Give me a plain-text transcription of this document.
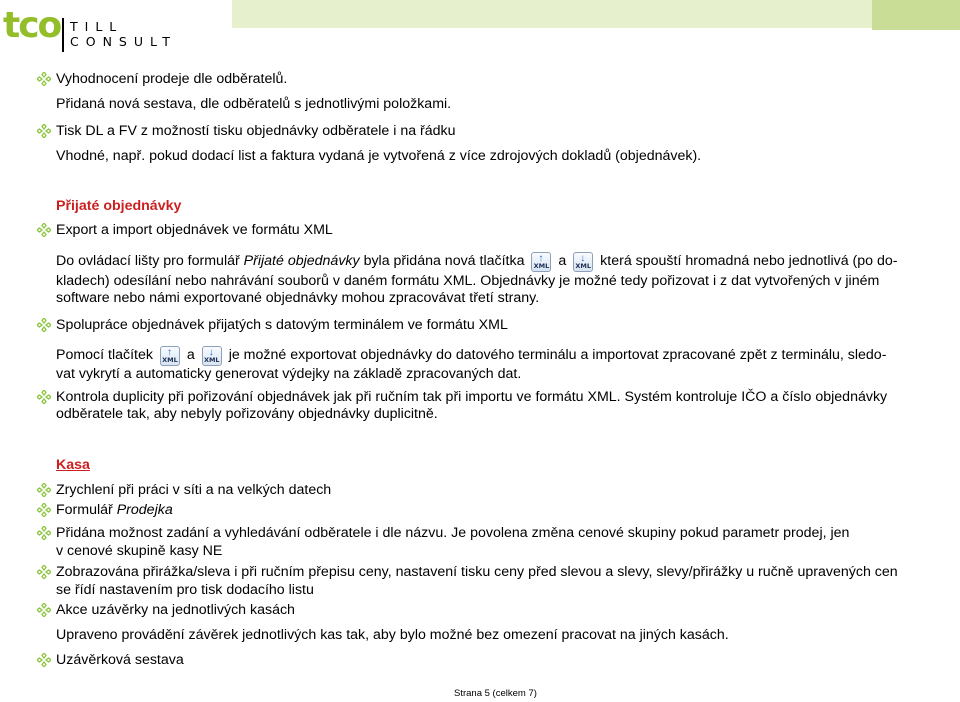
tco TILL
CONSULT
Vyhodnocení prodeje dle odběratelů.
Přidaná nová sestava, dle odběratelů s jednotlivými položkami.
Tisk DL a FV z možností tisku objednávky odběratele i na řádku
Vhodné, např. pokud dodací list a faktura vydaná je vytvořená z více zdrojových dokladů (objednávek).
Přijaté objednávky
Export a import objednávek ve formátu XML
Do ovládací lišty pro formulář Přijaté objednávky byla přidána nová tlačítka XML
↑ a XML
↓ která spouští hromadná nebo jednotlivá (po do-
kladech) odesílání nebo nahrávání souborů v daném formátu XML. Objednávky je možné tedy pořizovat i z dat vytvořených v jiném
software nebo námi exportované objednávky mohou zpracovávat třetí strany.
Spolupráce objednávek přijatých s datovým terminálem ve formátu XML
Pomocí tlačítek XML
↑ a XML
↓ je možné exportovat objednávky do datového terminálu a importovat zpracované zpět z terminálu, sledo-
vat vykrytí a automaticky generovat výdejky na základě zpracovaných dat.
Kontrola duplicity při pořizování objednávek jak při ručním tak při importu ve formátu XML. Systém kontroluje IČO a číslo objednávky
odběratele tak, aby nebyly pořizovány objednávky duplicitně.
Kasa
Zrychlení při práci v síti a na velkých datech
Formulář Prodejka
Přidána možnost zadání a vyhledávání odběratele i dle názvu. Je povolena změna cenové skupiny pokud parametr prodej, jen
v cenové skupině kasy NE
Zobrazována přirážka/sleva i při ručním přepisu ceny, nastavení tisku ceny před slevou a slevy, slevy/přirážky u ručně upravených cen
se řídí nastavením pro tisk dodacího listu
Akce uzávěrky na jednotlivých kasách
Upraveno provádění závěrek jednotlivých kas tak, aby bylo možné bez omezení pracovat na jiných kasách.
Uzávěrková sestava
Strana 5 (celkem 7)
